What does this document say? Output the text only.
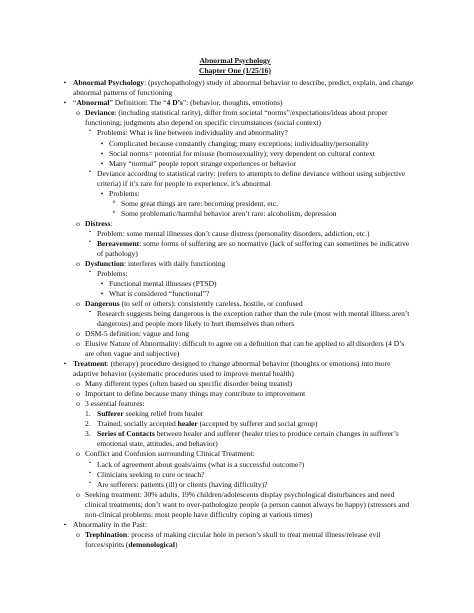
Abnormal Psychology

Chapter One (1/25/16)

• Abnormal Psychology: (psychopathology) study of abnormal behavior to describe, predict, explain, and change abnormal patterns of functioning
• “Abnormal” Definition: The “4 D’s”: (behavior, thoughts, emotions)
o Deviance: (including statistical rarity), differ from societal “norms”/expectations/ideas about proper functioning; judgments also depend on specific circumstances (social context)
▪ Problems: What is line between individuality and abnormality?
• Complicated because constantly changing; many exceptions; individuality/personality
• Social norms= potential for misuse (homosexuality); very dependent on cultural context
• Many “normal” people report strange experiences or behavior
▪ Deviance according to statistical rarity: (refers to attempts to define deviance without using subjective criteria) if it’s rare for people to experience, it’s abnormal
• Problems:
o Some great things are rare: becoming president, etc.
o Some problematic/harmful behavior aren’t rare: alcoholism, depression
o Distress:
▪ Problem: some mental illnesses don’t cause distress (personality disorders, addiction, etc.)
▪ Bereavement: some forms of suffering are so normative (lack of suffering can sometimes be indicative of pathology)
o Dysfunction: interferes with daily functioning
▪ Problems:
• Functional mental illnesses (PTSD)
• What is considered “functional”?
o Dangerous (to self or others): consistently careless, hostile, or confused
▪ Research suggests being dangerous is the exception rather than the rule (most with mental illness aren’t dangerous) and people more likely to hurt themselves than others
o DSM-5 definition: vague and long
o Elusive Nature of Abnormality: difficult to agree on a definition that can be applied to all disorders (4 D’s are often vague and subjective)
• Treatment: (therapy) procedure designed to change abnormal behavior (thoughts or emotions) into more adaptive behavior (systematic procedures used to improve mental health)
o Many different types (often based on specific disorder being treated)
o Important to define because many things may contribute to improvement
o 3 essential features:
1. Sufferer seeking relief from healer
2. Trained, socially accepted healer (accepted by sufferer and social group)
3. Series of Contacts between healer and sufferer (healer tries to produce certain changes in sufferer’s emotional state, attitudes, and behavior)
o Conflict and Confusion surrounding Clinical Treatment:
▪ Lack of agreement about goals/aims (what is a successful outcome?)
▪ Clinicians seeking to cure or teach?
▪ Are sufferers: patients (ill) or clients (having difficulty)?
o Seeking treatment: 30% adults, 19% children/adolescents display psychological disturbances and need clinical treatments; don’t want to over-pathologize people (a person cannot always be happy) (stressors and non-clinical problems: most people have difficulty coping at various times)
• Abnormality in the Past:
o Trephination: process of making circular hole in person’s skull to treat mental illness/release evil forces/spirits (demonological)
